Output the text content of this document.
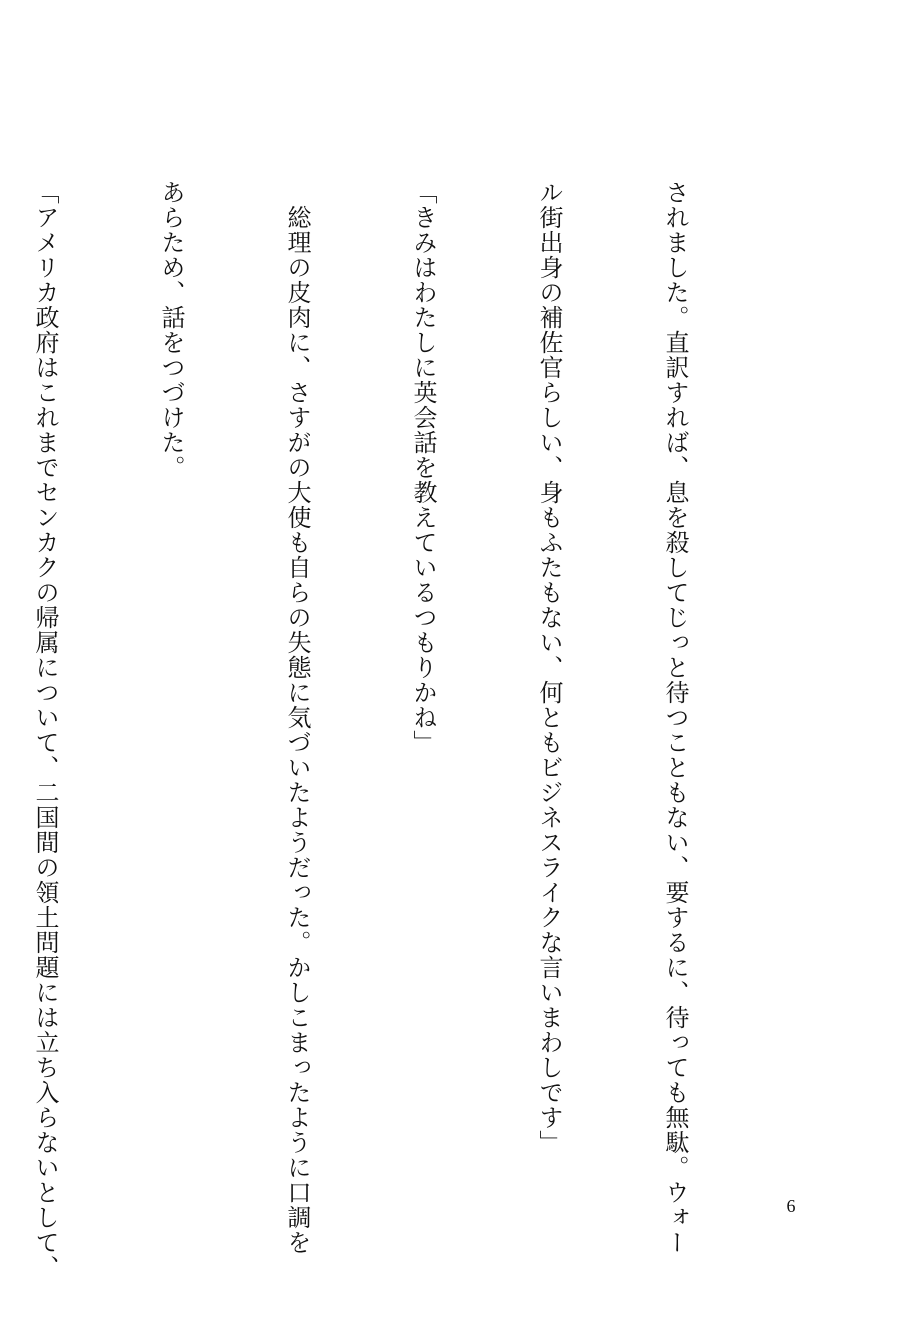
されました。直訳すれば、息を殺してじっと待つこともない、要するに、待っても無駄。ウォー

ル街出身の補佐官らしい、身もふたもない、何ともビジネスライクな言いまわしです」

「きみはわたしに英会話を教えているつもりかね」

　総理の皮肉に、さすがの大使も自らの失態に気づいたようだった。かしこまったように口調を

あらため、話をつづけた。

「アメリカ政府はこれまでセンカクの帰属について、二国間の領土問題には立ち入らないとして、

	6
